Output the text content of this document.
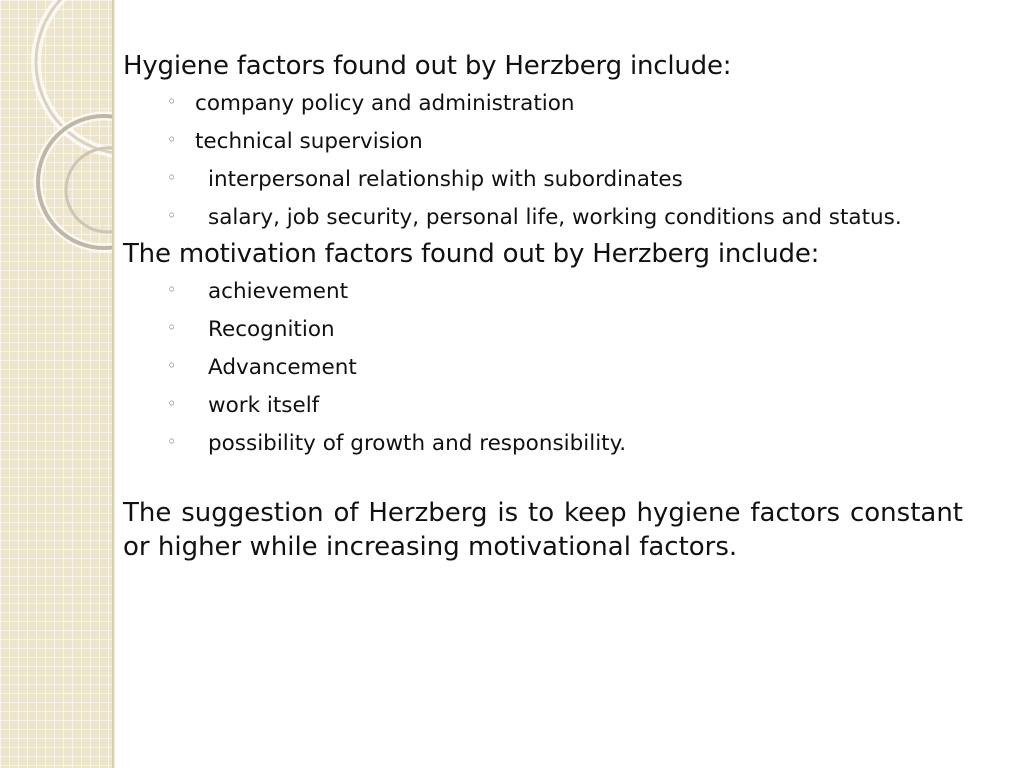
Hygiene factors found out by Herzberg include:

◦ company policy and administration
◦ technical supervision
◦ interpersonal relationship with subordinates
◦ salary, job security, personal life, working conditions and status.

The motivation factors found out by Herzberg include:

◦ achievement
◦ Recognition
◦ Advancement
◦ work itself
◦ possibility of growth and responsibility.

The suggestion of Herzberg is to keep hygiene factors constant or higher while increasing motivational factors.
